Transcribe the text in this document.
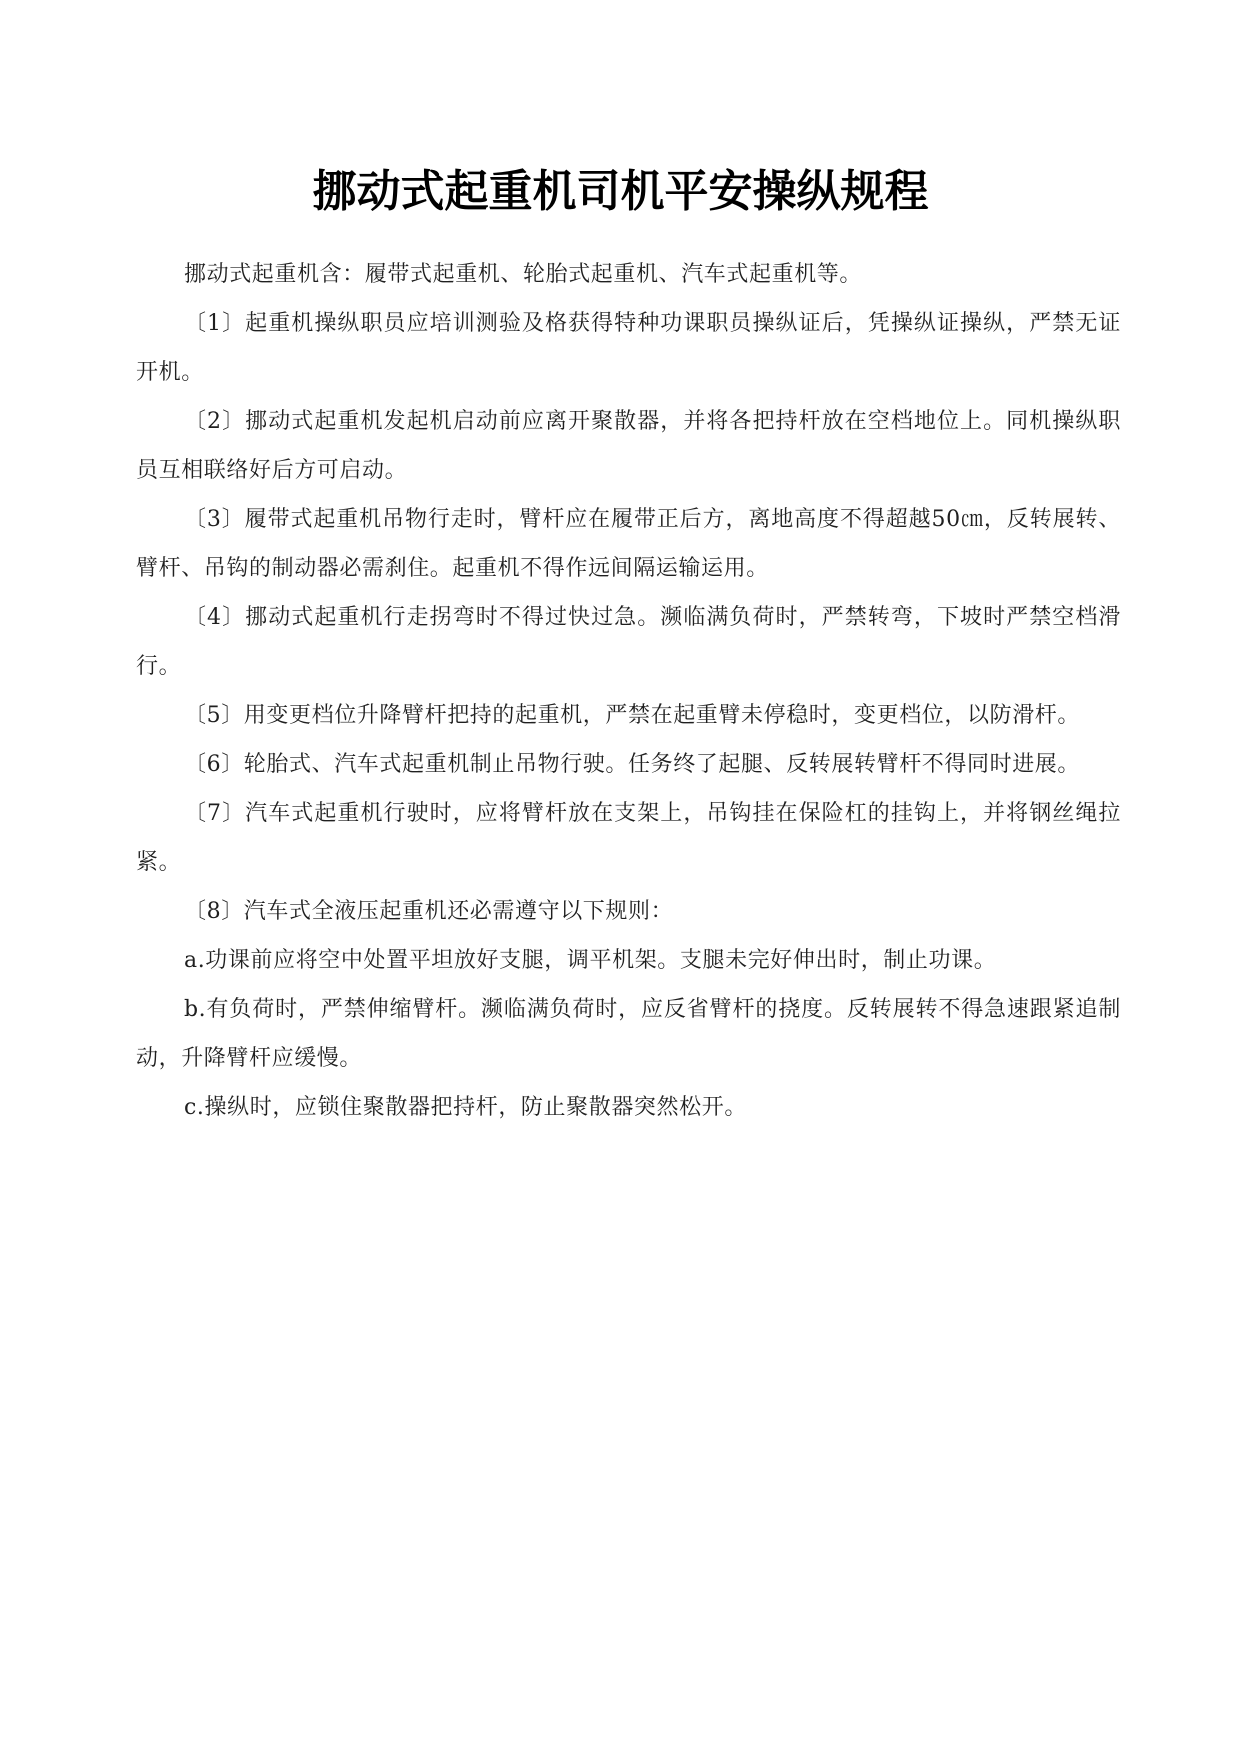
挪动式起重机司机平安操纵规程

挪动式起重机含：履带式起重机、轮胎式起重机、汽车式起重机等。

〔1〕起重机操纵职员应培训测验及格获得特种功课职员操纵证后，凭操纵证操纵，严禁无证开机。

〔2〕挪动式起重机发起机启动前应离开聚散器，并将各把持杆放在空档地位上。同机操纵职员互相联络好后方可启动。

〔3〕履带式起重机吊物行走时，臂杆应在履带正后方，离地高度不得超越50㎝，反转展转、臂杆、吊钩的制动器必需刹住。起重机不得作远间隔运输运用。

〔4〕挪动式起重机行走拐弯时不得过快过急。濒临满负荷时，严禁转弯，下坡时严禁空档滑行。

〔5〕用变更档位升降臂杆把持的起重机，严禁在起重臂未停稳时，变更档位，以防滑杆。

〔6〕轮胎式、汽车式起重机制止吊物行驶。任务终了起腿、反转展转臂杆不得同时进展。

〔7〕汽车式起重机行驶时，应将臂杆放在支架上，吊钩挂在保险杠的挂钩上，并将钢丝绳拉紧。

〔8〕汽车式全液压起重机还必需遵守以下规则：

a.功课前应将空中处置平坦放好支腿，调平机架。支腿未完好伸出时，制止功课。

b.有负荷时，严禁伸缩臂杆。濒临满负荷时，应反省臂杆的挠度。反转展转不得急速跟紧追制动，升降臂杆应缓慢。

c.操纵时，应锁住聚散器把持杆，防止聚散器突然松开。
